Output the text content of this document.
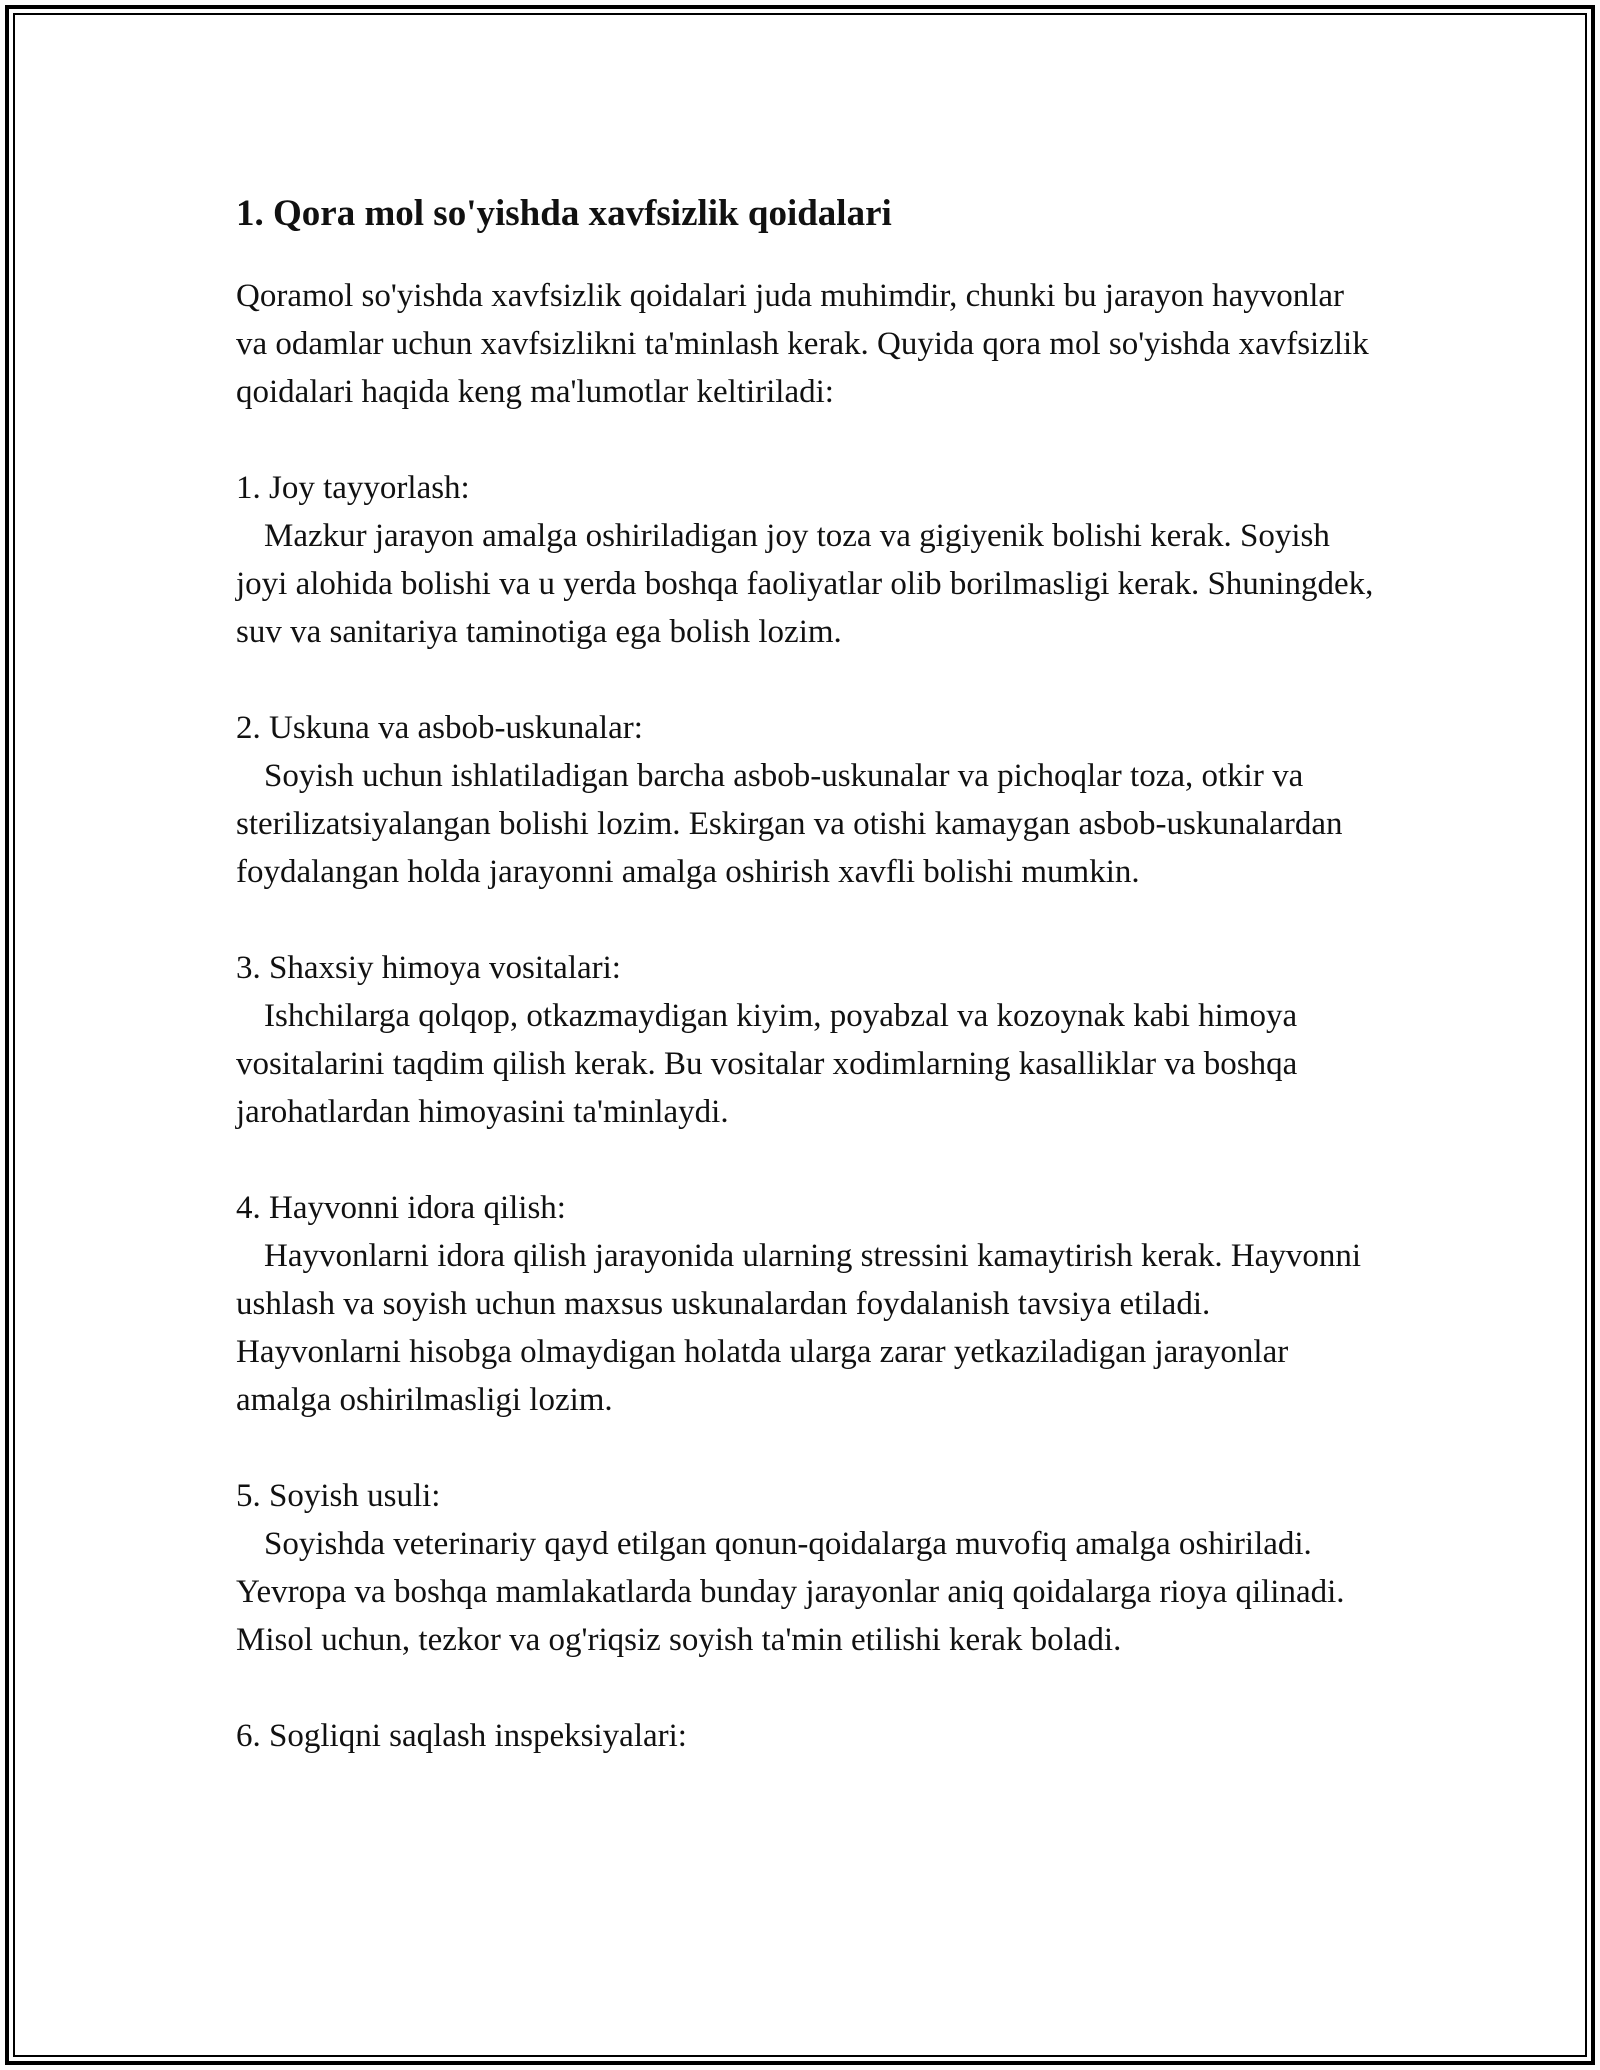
1. Qora mol so'yishda xavfsizlik qoidalari

Qoramol so'yishda xavfsizlik qoidalari juda muhimdir, chunki bu jarayon hayvonlar va odamlar uchun xavfsizlikni ta'minlash kerak. Quyida qora mol so'yishda xavfsizlik qoidalari haqida keng ma'lumotlar keltiriladi:

1. Joy tayyorlash:

Mazkur jarayon amalga oshiriladigan joy toza va gigiyenik bolishi kerak. Soyish joyi alohida bolishi va u yerda boshqa faoliyatlar olib borilmasligi kerak. Shuningdek, suv va sanitariya taminotiga ega bolish lozim.

2. Uskuna va asbob-uskunalar:

Soyish uchun ishlatiladigan barcha asbob-uskunalar va pichoqlar toza, otkir va sterilizatsiyalangan bolishi lozim. Eskirgan va otishi kamaygan asbob-uskunalardan foydalangan holda jarayonni amalga oshirish xavfli bolishi mumkin.

3. Shaxsiy himoya vositalari:

Ishchilarga qolqop, otkazmaydigan kiyim, poyabzal va kozoynak kabi himoya vositalarini taqdim qilish kerak. Bu vositalar xodimlarning kasalliklar va boshqa jarohatlardan himoyasini ta'minlaydi.

4. Hayvonni idora qilish:

Hayvonlarni idora qilish jarayonida ularning stressini kamaytirish kerak. Hayvonni ushlash va soyish uchun maxsus uskunalardan foydalanish tavsiya etiladi. Hayvonlarni hisobga olmaydigan holatda ularga zarar yetkaziladigan jarayonlar amalga oshirilmasligi lozim.

5. Soyish usuli:

Soyishda veterinariy qayd etilgan qonun-qoidalarga muvofiq amalga oshiriladi. Yevropa va boshqa mamlakatlarda bunday jarayonlar aniq qoidalarga rioya qilinadi. Misol uchun, tezkor va og'riqsiz soyish ta'min etilishi kerak boladi.

6. Sogliqni saqlash inspeksiyalari:
